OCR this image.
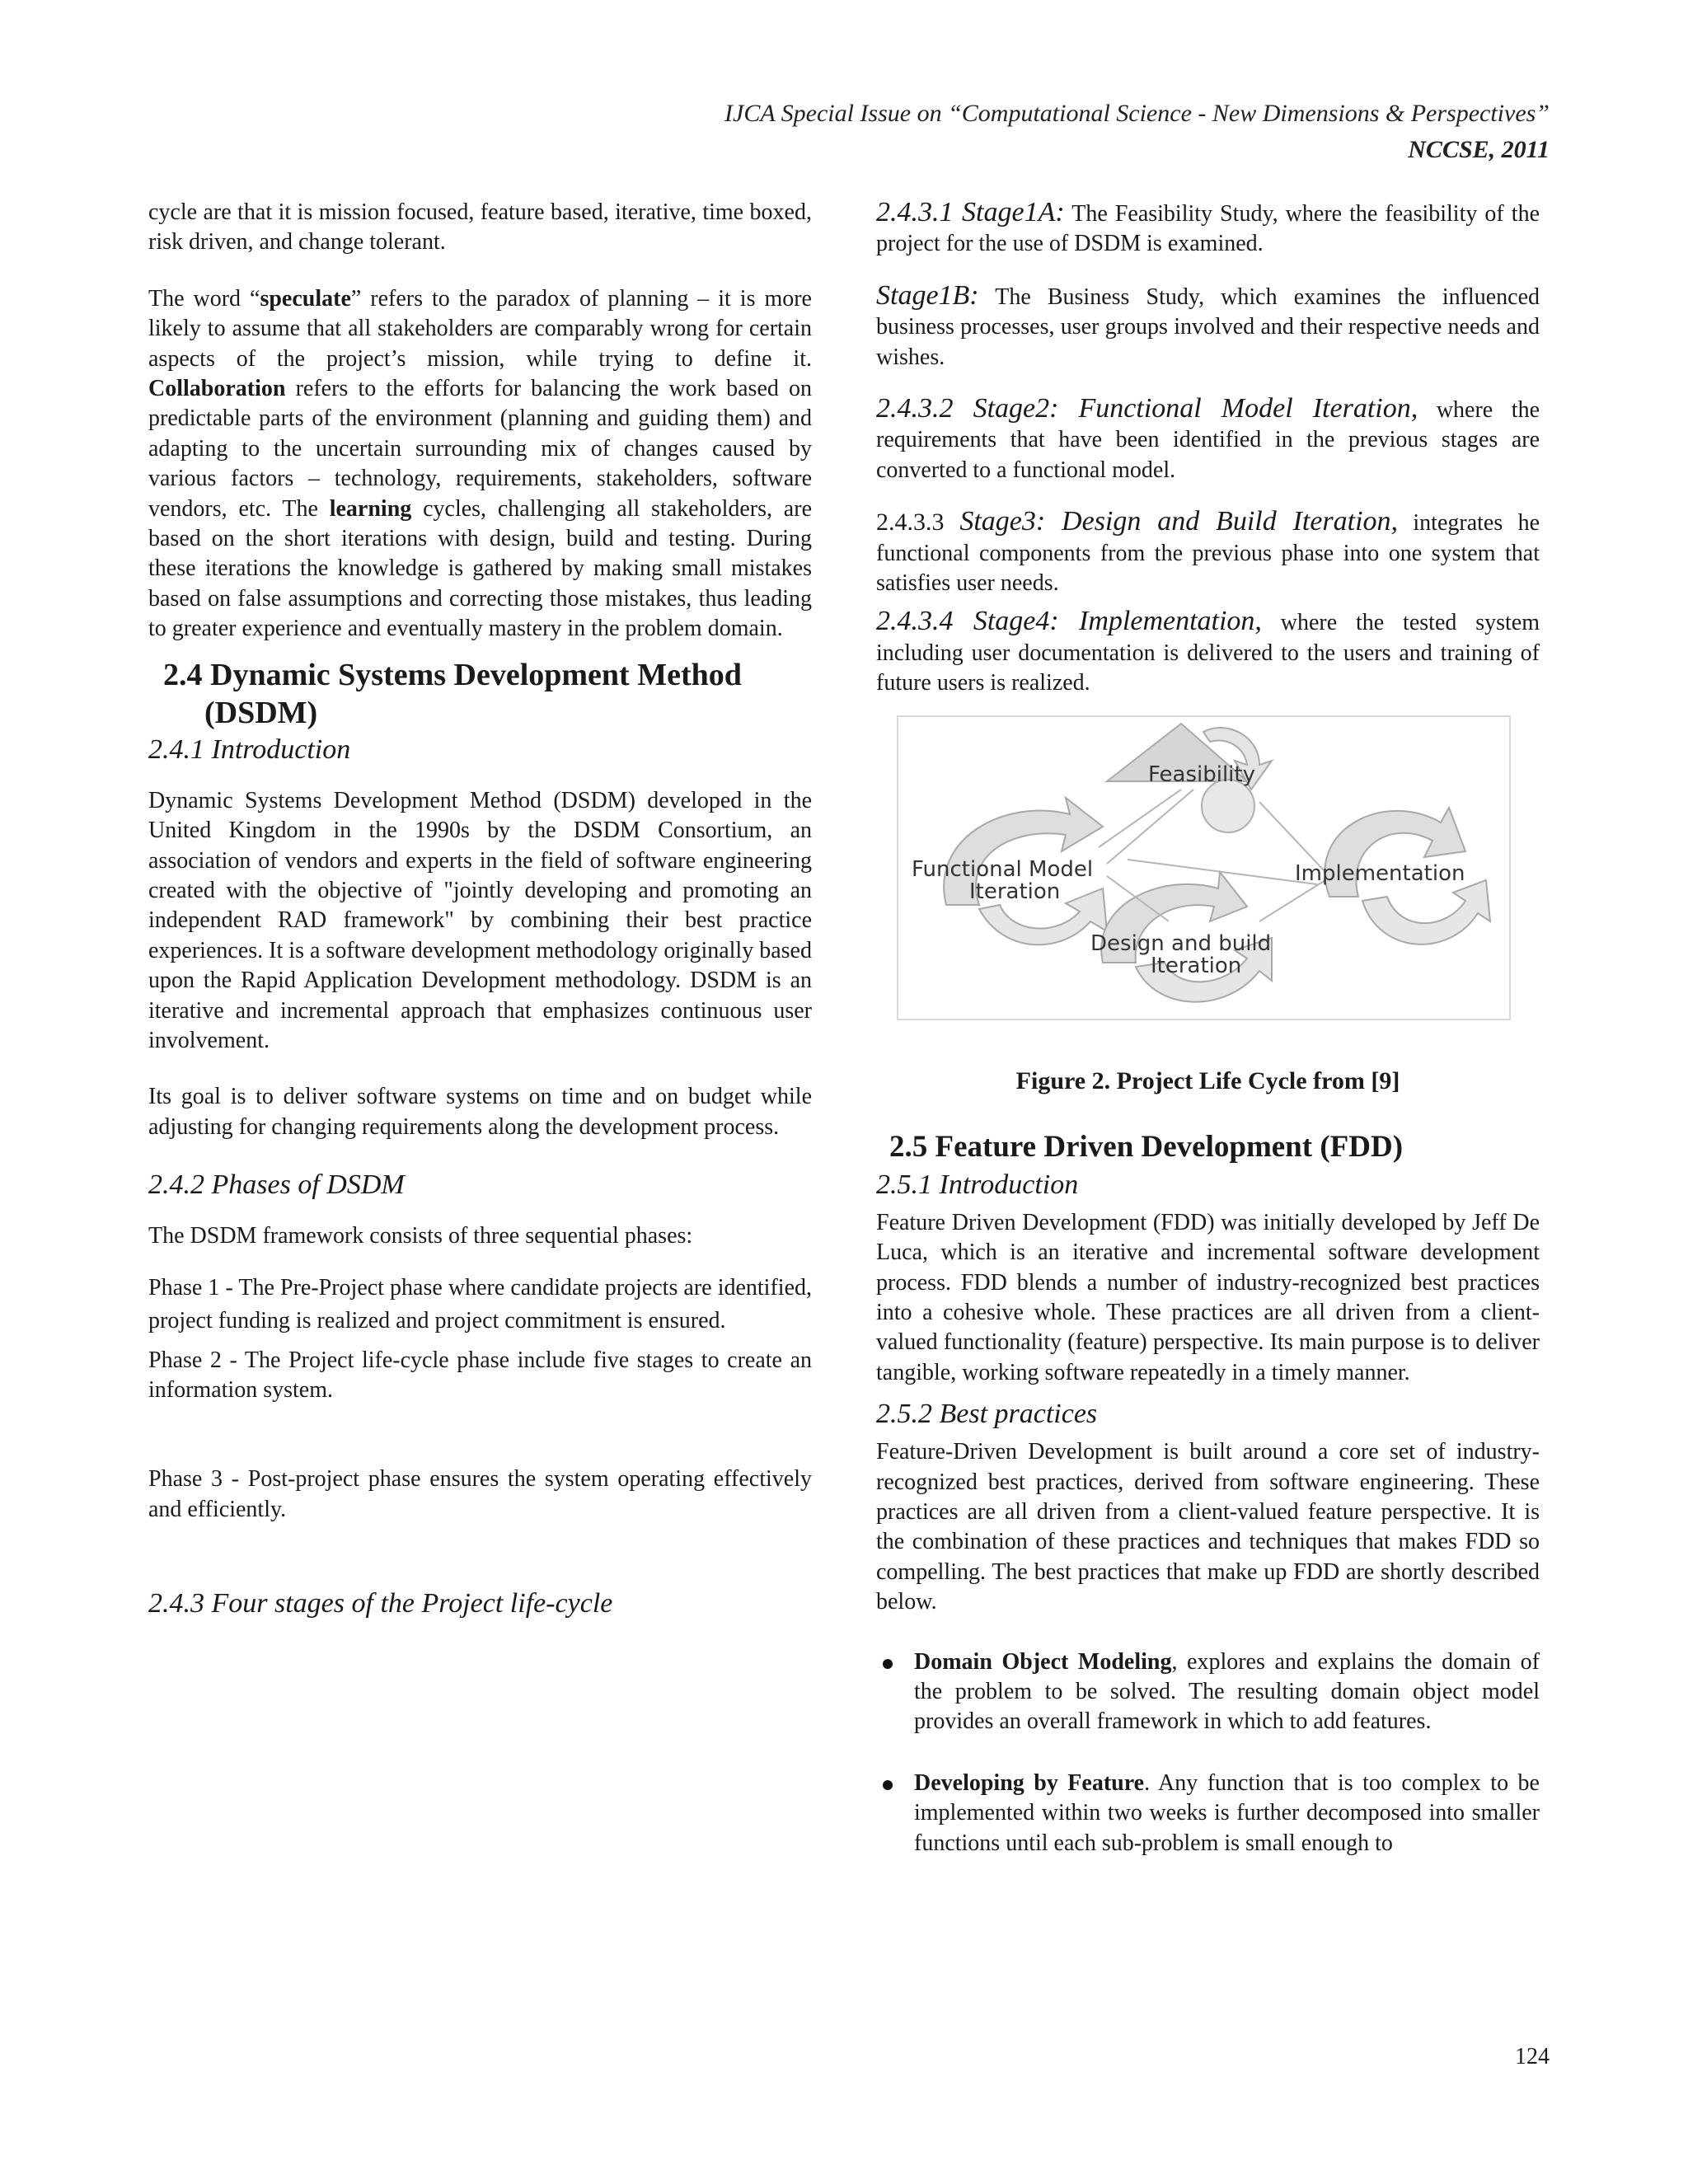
IJCA Special Issue on “Computational Science - New Dimensions & Perspectives”
NCCSE, 2011

cycle are that it is mission focused, feature based, iterative, time boxed, risk driven, and change tolerant.

The word “speculate” refers to the paradox of planning – it is more likely to assume that all stakeholders are comparably wrong for certain aspects of the project’s mission, while trying to define it. Collaboration refers to the efforts for balancing the work based on predictable parts of the environment (planning and guiding them) and adapting to the uncertain surrounding mix of changes caused by various factors – technology, requirements, stakeholders, software vendors, etc. The learning cycles, challenging all stakeholders, are based on the short iterations with design, build and testing. During these iterations the knowledge is gathered by making small mistakes based on false assumptions and correcting those mistakes, thus leading to greater experience and eventually mastery in the problem domain.

2.4 Dynamic Systems Development Method
(DSDM)
2.4.1 Introduction

Dynamic Systems Development Method (DSDM) developed in the United Kingdom in the 1990s by the DSDM Consortium, an association of vendors and experts in the field of software engineering created with the objective of "jointly developing and promoting an independent RAD framework" by combining their best practice experiences. It is a software development methodology originally based upon the Rapid Application Development methodology. DSDM is an iterative and incremental approach that emphasizes continuous user involvement.

Its goal is to deliver software systems on time and on budget while adjusting for changing requirements along the development process.

2.4.2 Phases of DSDM

The DSDM framework consists of three sequential phases:

Phase 1 - The Pre-Project phase where candidate projects are identified, project funding is realized and project commitment is ensured.

Phase 2 - The Project life-cycle phase include five stages to create an information system.

Phase 3 - Post-project phase ensures the system operating effectively and efficiently.

2.4.3 Four stages of the Project life-cycle

2.4.3.1 Stage1A: The Feasibility Study, where the feasibility of the project for the use of DSDM is examined.

Stage1B: The Business Study, which examines the influenced business processes, user groups involved and their respective needs and wishes.

2.4.3.2 Stage2: Functional Model Iteration, where the requirements that have been identified in the previous stages are converted to a functional model.

2.4.3.3 Stage3: Design and Build Iteration, integrates he functional components from the previous phase into one system that satisfies user needs.

2.4.3.4 Stage4: Implementation, where the tested system including user documentation is delivered to the users and training of future users is realized.

Feasibility
Functional Model
Iteration
Implementation
Design and build
Iteration
Figure 2. Project Life Cycle from [9]
2.5 Feature Driven Development (FDD)
2.5.1 Introduction

Feature Driven Development (FDD) was initially developed by Jeff De Luca, which is an iterative and incremental software development process. FDD blends a number of industry-recognized best practices into a cohesive whole. These practices are all driven from a client-valued functionality (feature) perspective. Its main purpose is to deliver tangible, working software repeatedly in a timely manner.

2.5.2 Best practices

Feature-Driven Development is built around a core set of industry-recognized best practices, derived from software engineering. These practices are all driven from a client-valued feature perspective. It is the combination of these practices and techniques that makes FDD so compelling. The best practices that make up FDD are shortly described below.

Domain Object Modeling, explores and explains the domain of the problem to be solved. The resulting domain object model provides an overall framework in which to add features.

Developing by Feature. Any function that is too complex to be implemented within two weeks is further decomposed into smaller functions until each sub-problem is small enough to

124
